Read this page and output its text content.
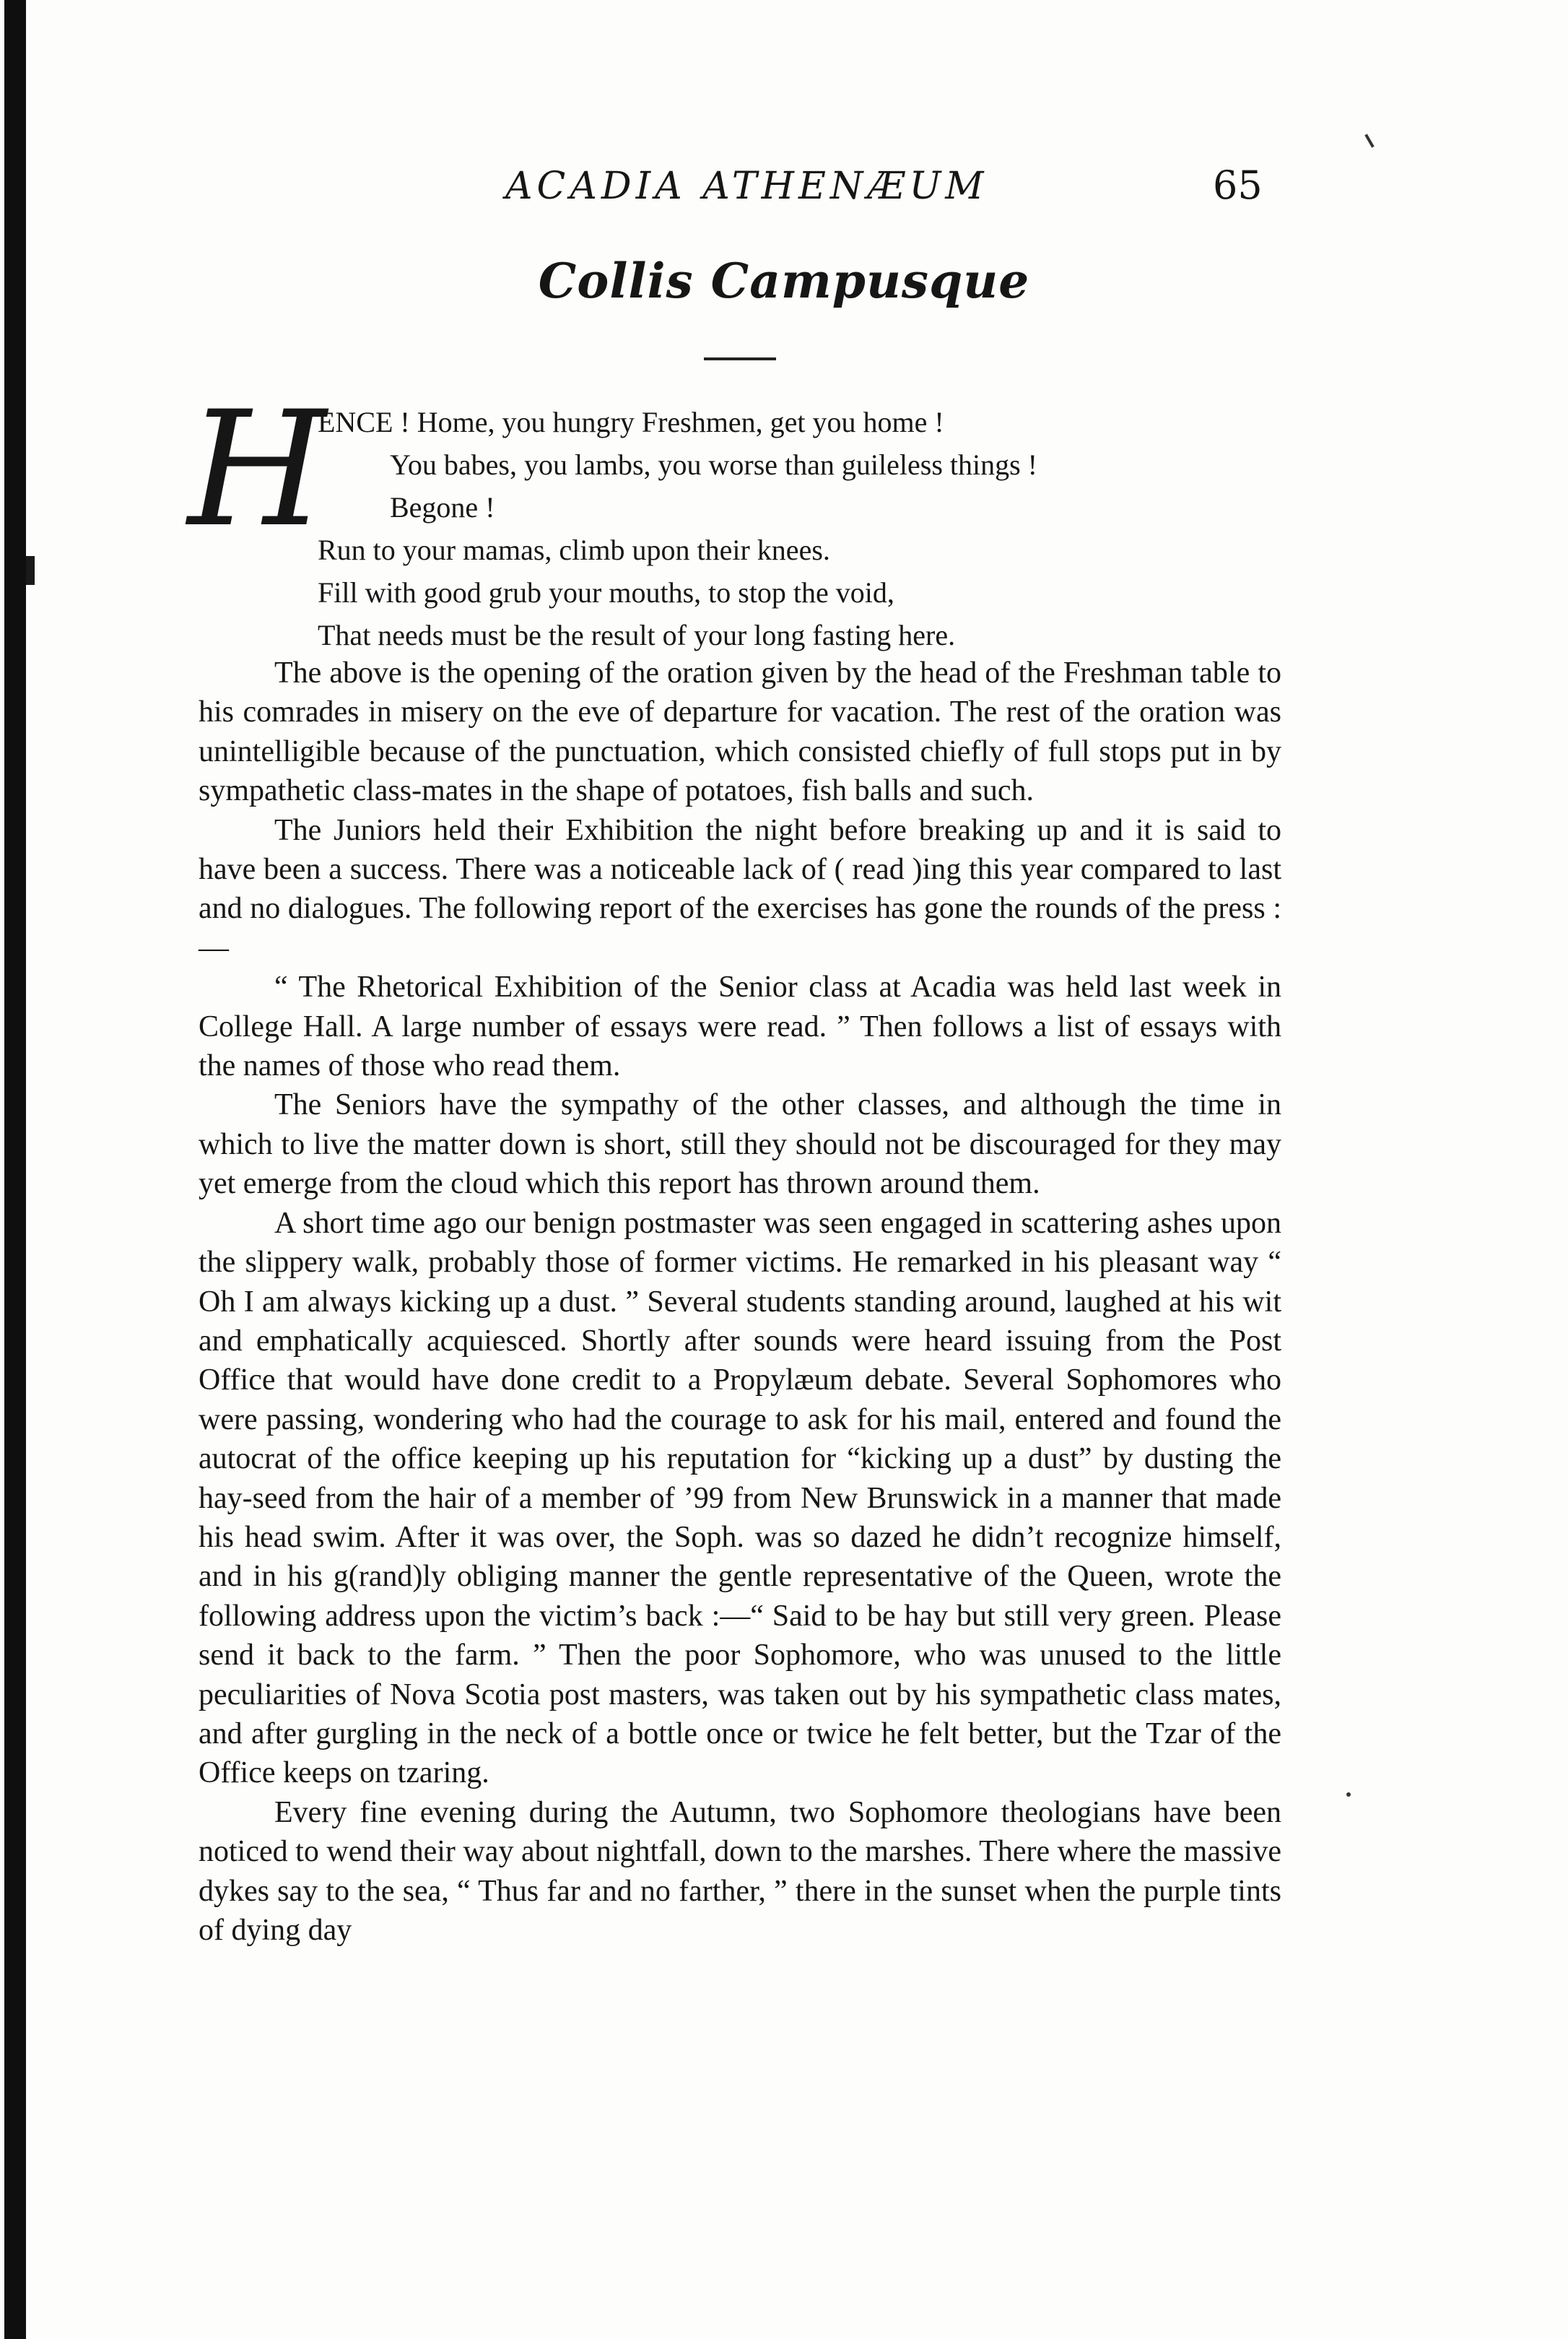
ACADIA ATHENÆUM	65
Collis Campusque
H
ENCE ! Home, you hungry Freshmen, get you home !
You babes, you lambs, you worse than guileless things !
Begone !
Run to your mamas, climb upon their knees.
Fill with good grub your mouths, to stop the void,
That needs must be the result of your long fasting here.

The above is the opening of the oration given by the head of the Freshman table to his comrades in misery on the eve of departure for vacation. The rest of the oration was unintelligible because of the punctuation, which consisted chiefly of full stops put in by sympathetic class-mates in the shape of potatoes, fish balls and such.

The Juniors held their Exhibition the night before breaking up and it is said to have been a success. There was a noticeable lack of ( read )ing this year compared to last and no dialogues. The following report of the exercises has gone the rounds of the press :—

“ The Rhetorical Exhibition of the Senior class at Acadia was held last week in College Hall. A large number of essays were read. ” Then follows a list of essays with the names of those who read them.

The Seniors have the sympathy of the other classes, and although the time in which to live the matter down is short, still they should not be discouraged for they may yet emerge from the cloud which this report has thrown around them.

A short time ago our benign postmaster was seen engaged in scattering ashes upon the slippery walk, probably those of former victims. He remarked in his pleasant way “ Oh I am always kicking up a dust. ” Several students standing around, laughed at his wit and emphatically acquiesced. Shortly after sounds were heard issuing from the Post Office that would have done credit to a Propylæum debate. Several Sophomores who were passing, wondering who had the courage to ask for his mail, entered and found the autocrat of the office keeping up his reputation for “kicking up a dust” by dusting the hay-seed from the hair of a member of ’99 from New Brunswick in a manner that made his head swim. After it was over, the Soph. was so dazed he didn’t recognize himself, and in his g(rand)ly obliging manner the gentle representative of the Queen, wrote the following address upon the victim’s back :—“ Said to be hay but still very green. Please send it back to the farm. ” Then the poor Sophomore, who was unused to the little peculiarities of Nova Scotia post masters, was taken out by his sympathetic class mates, and after gurgling in the neck of a bottle once or twice he felt better, but the Tzar of the Office keeps on tzaring.

Every fine evening during the Autumn, two Sophomore theologians have been noticed to wend their way about nightfall, down to the marshes. There where the massive dykes say to the sea, “ Thus far and no farther, ” there in the sunset when the purple tints of dying day
